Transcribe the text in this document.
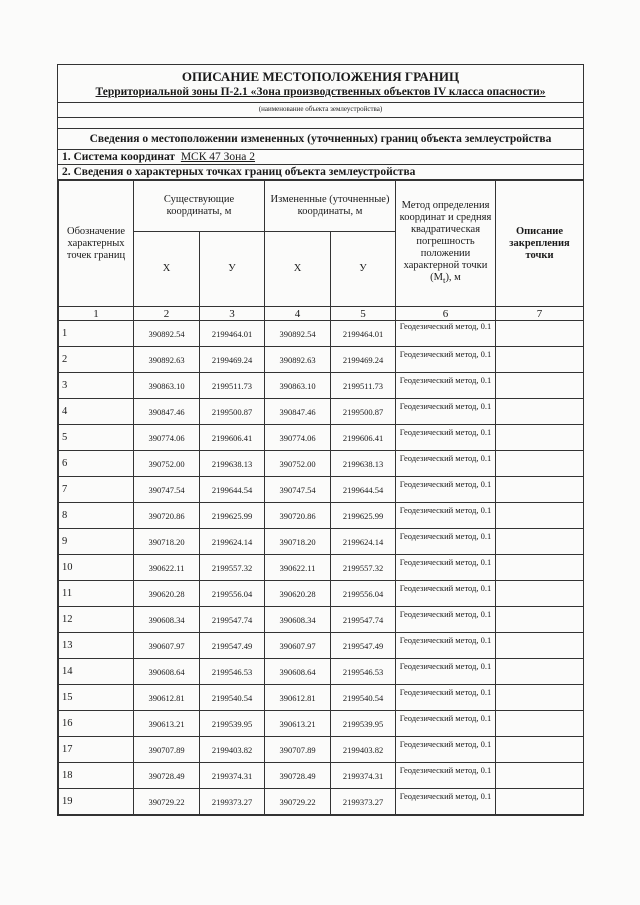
ОПИСАНИЕ МЕСТОПОЛОЖЕНИЯ ГРАНИЦ
Территориальной зоны П-2.1 «Зона производственных объектов IV класса опасности»
(наименование объекта землеустройства)
Сведения о местоположении измененных (уточненных) границ объекта землеустройства
1. Система координат МСК 47 Зона 2
2. Сведения о характерных точках границ объекта землеустройства
Обозначение характерных точек границ	Существующие координаты, м		Измененные (уточненные) координаты, м		Метод определения координат и средняя квадратическая погрешность положении характерной точки $(М_t)$, м	Описание закрепления точки
	X	У	X	У		
1	2	3	4	5	6	7
1	390892.54	2199464.01	390892.54	2199464.01	Геодезический метод, 0.1	
2	390892.63	2199469.24	390892.63	2199469.24	Геодезический метод, 0.1	
3	390863.10	2199511.73	390863.10	2199511.73	Геодезический метод, 0.1	
4	390847.46	2199500.87	390847.46	2199500.87	Геодезический метод, 0.1	
5	390774.06	2199606.41	390774.06	2199606.41	Геодезический метод, 0.1	
6	390752.00	2199638.13	390752.00	2199638.13	Геодезический метод, 0.1	
7	390747.54	2199644.54	390747.54	2199644.54	Геодезический метод, 0.1	
8	390720.86	2199625.99	390720.86	2199625.99	Геодезический метод, 0.1	
9	390718.20	2199624.14	390718.20	2199624.14	Геодезический метод, 0.1	
10	390622.11	2199557.32	390622.11	2199557.32	Геодезический метод, 0.1	
11	390620.28	2199556.04	390620.28	2199556.04	Геодезический метод, 0.1	
12	390608.34	2199547.74	390608.34	2199547.74	Геодезический метод, 0.1	
13	390607.97	2199547.49	390607.97	2199547.49	Геодезический метод, 0.1	
14	390608.64	2199546.53	390608.64	2199546.53	Геодезический метод, 0.1	
15	390612.81	2199540.54	390612.81	2199540.54	Геодезический метод, 0.1	
16	390613.21	2199539.95	390613.21	2199539.95	Геодезический метод, 0.1	
17	390707.89	2199403.82	390707.89	2199403.82	Геодезический метод, 0.1	
18	390728.49	2199374.31	390728.49	2199374.31	Геодезический метод, 0.1	
19	390729.22	2199373.27	390729.22	2199373.27	Геодезический метод, 0.1	
